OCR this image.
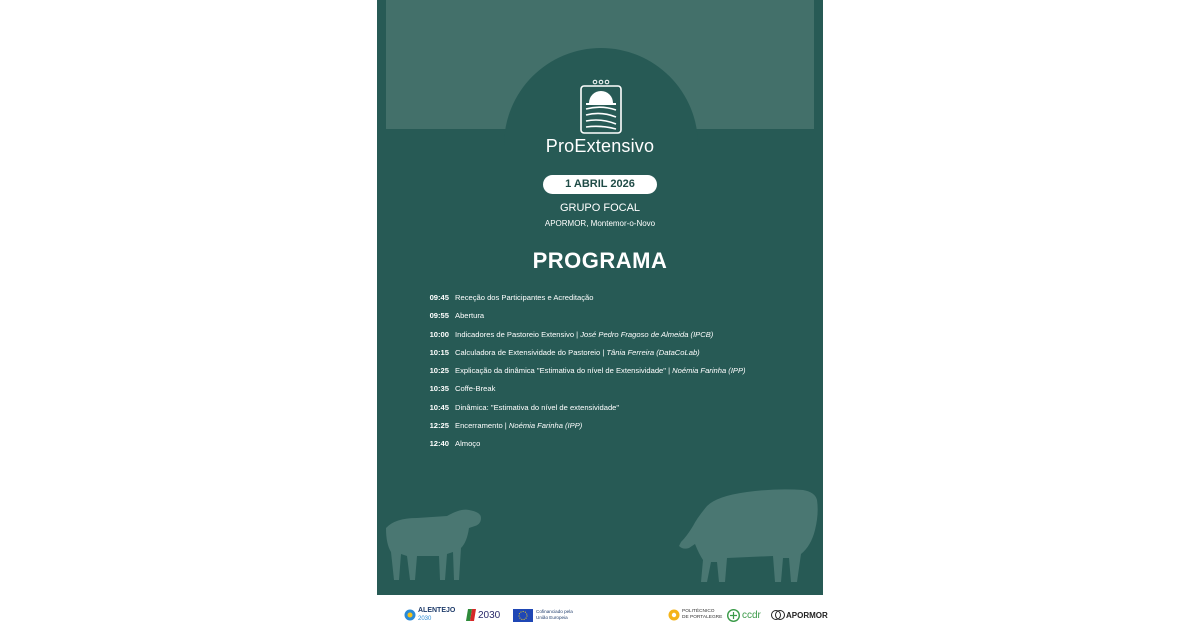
ProExtensivo
1 ABRIL 2026
GRUPO FOCAL
APORMOR, Montemor-o-Novo
PROGRAMA
09:45 Receção dos Participantes e Acreditação
09:55 Abertura
10:00 Indicadores de Pastoreio Extensivo | José Pedro Fragoso de Almeida (IPCB)
10:15 Calculadora de Extensividade do Pastoreio | Tânia Ferreira (DataCoLab)
10:25 Explicação da dinâmica "Estimativa do nível de Extensividade" | Noémia Farinha (IPP)
10:35 Coffe-Break
10:45 Dinâmica: "Estimativa do nível de extensividade"
12:25 Encerramento | Noémia Farinha (IPP)
12:40 Almoço
ALENTEJO
2030	2030	Cofinanciado pela
União Europeia
POLITÉCNICO
DE PORTALEGRE ccdr	APORMOR
